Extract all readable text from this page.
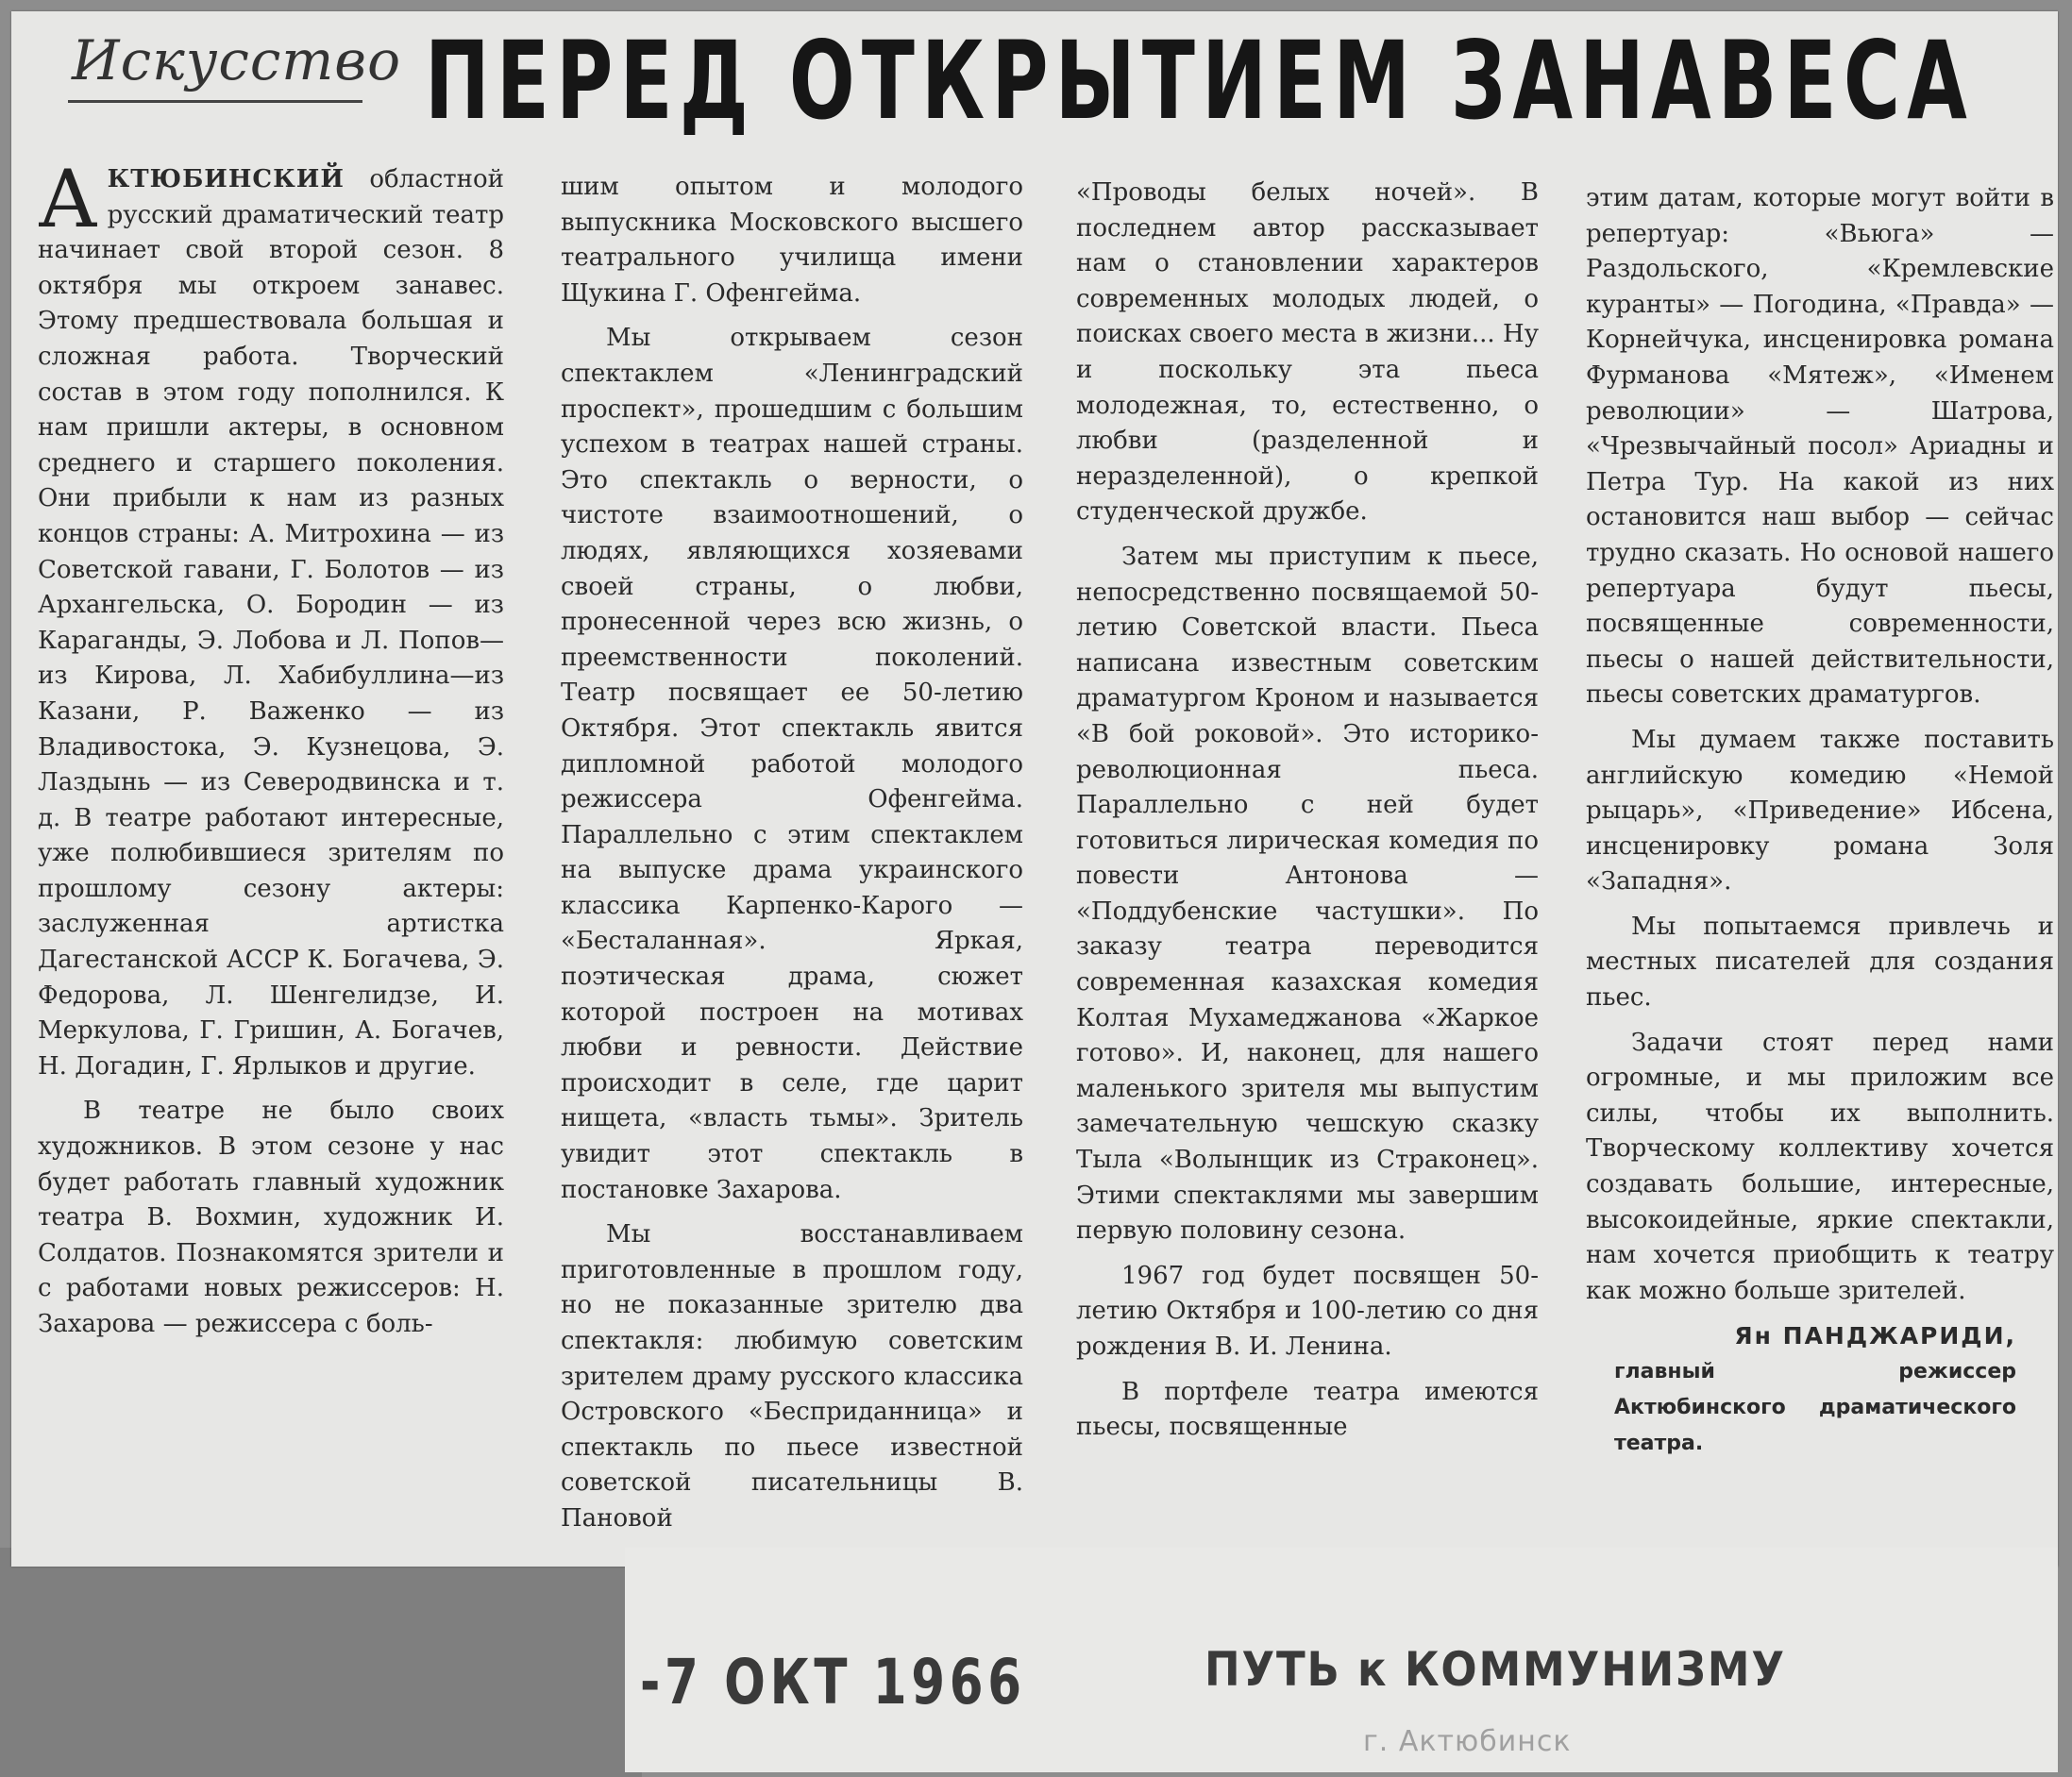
Искусство ПЕРЕД ОТКРЫТИЕМ ЗАНАВЕСА

АКТЮБИНСКИЙ областной русский драматический театр начинает свой второй сезон. 8 октября мы откроем занавес. Этому предшествовала большая и сложная работа. Творческий состав в этом году пополнился. К нам пришли актеры, в основном среднего и старшего поколения. Они прибыли к нам из разных концов страны: А. Митрохина — из Советской гавани, Г. Болотов — из Архангельска, О. Бородин — из Караганды, Э. Лобова и Л. Попов—из Кирова, Л. Хабибуллина—из Казани, Р. Важенко — из Владивостока, Э. Кузнецова, Э. Лаздынь — из Северодвинска и т. д. В театре работают интересные, уже полюбившиеся зрителям по прошлому сезону актеры: заслуженная артистка Дагестанской АССР К. Богачева, Э. Федорова, Л. Шенгелидзе, И. Меркулова, Г. Гришин, А. Богачев, Н. Догадин, Г. Ярлыков и другие.

В театре не было своих художников. В этом сезоне у нас будет работать главный художник театра В. Вохмин, художник И. Солдатов. Познакомятся зрители и с работами новых режиссеров: Н. Захарова — режиссера с боль-

шим опытом и молодого выпускника Московского высшего театрального училища имени Щукина Г. Офенгейма.

Мы открываем сезон спектаклем «Ленинградский проспект», прошедшим с большим успехом в театрах нашей страны. Это спектакль о верности, о чистоте взаимоотношений, о людях, являющихся хозяевами своей страны, о любви, пронесенной через всю жизнь, о преемственности поколений. Театр посвящает ее 50-летию Октября. Этот спектакль явится дипломной работой молодого режиссера Офенгейма. Параллельно с этим спектаклем на выпуске драма украинского классика Карпенко-Карого — «Бесталанная». Яркая, поэтическая драма, сюжет которой построен на мотивах любви и ревности. Действие происходит в селе, где царит нищета, «власть тьмы». Зритель увидит этот спектакль в постановке Захарова.

Мы восстанавливаем приготовленные в прошлом году, но не показанные зрителю два спектакля: любимую советским зрителем драму русского классика Островского «Бесприданница» и спектакль по пьесе известной советской писательницы В. Пановой

«Проводы белых ночей». В последнем автор рассказывает нам о становлении характеров современных молодых людей, о поисках своего места в жизни... Ну и поскольку эта пьеса молодежная, то, естественно, о любви (разделенной и неразделенной), о крепкой студенческой дружбе.

Затем мы приступим к пьесе, непосредственно посвящаемой 50-летию Советской власти. Пьеса написана известным советским драматургом Кроном и называется «В бой роковой». Это историко-революционная пьеса. Параллельно с ней будет готовиться лирическая комедия по повести Антонова — «Поддубенские частушки». По заказу театра переводится современная казахская комедия Колтая Мухамеджанова «Жаркое готово». И, наконец, для нашего маленького зрителя мы выпустим замечательную чешскую сказку Тыла «Волынщик из Страконец». Этими спектаклями мы завершим первую половину сезона.

1967 год будет посвящен 50-летию Октября и 100-летию со дня рождения В. И. Ленина.

В портфеле театра имеются пьесы, посвященные

этим датам, которые могут войти в репертуар: «Вьюга» — Раздольского, «Кремлевские куранты» — Погодина, «Правда» — Корнейчука, инсценировка романа Фурманова «Мятеж», «Именем революции» — Шатрова, «Чрезвычайный посол» Ариадны и Петра Тур. На какой из них остановится наш выбор — сейчас трудно сказать. Но основой нашего репертуара будут пьесы, посвященные современности, пьесы о нашей действительности, пьесы советских драматургов.

Мы думаем также поставить английскую комедию «Немой рыцарь», «Приведение» Ибсена, инсценировку романа Золя «Западня».

Мы попытаемся привлечь и местных писателей для создания пьес.

Задачи стоят перед нами огромные, и мы приложим все силы, чтобы их выполнить. Творческому коллективу хочется создавать большие, интересные, высокоидейные, яркие спектакли, нам хочется приобщить к театру как можно больше зрителей.

Ян ПАНДЖАРИДИ,
главный режиссер Актюбинского драматического театра.
-7 ОКТ 1966	ПУТЬ к КОММУНИЗМУ
г. Актюбинск
